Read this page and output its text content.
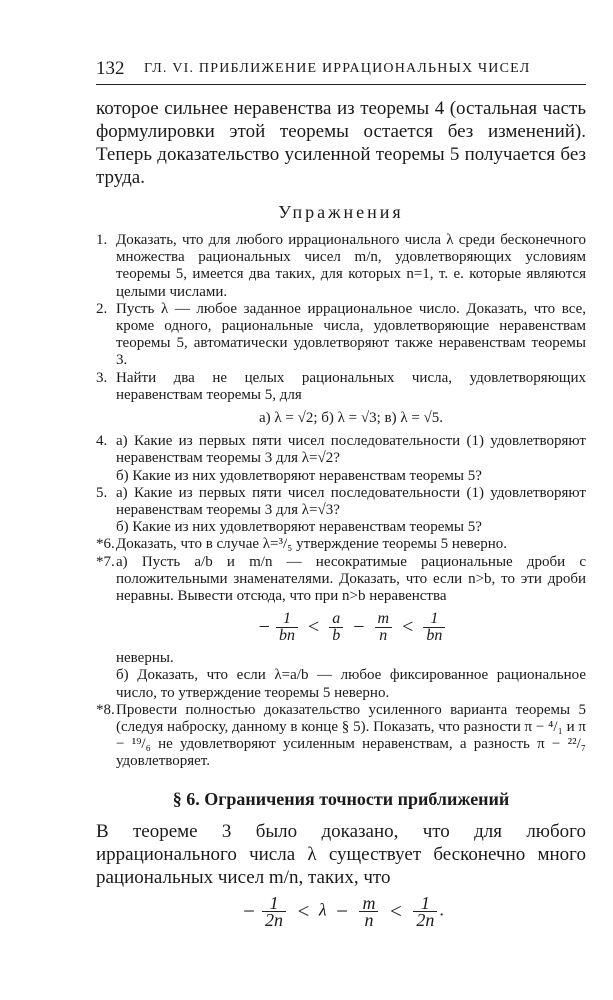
132 ГЛ. VI. ПРИБЛИЖЕНИЕ ИРРАЦИОНАЛЬНЫХ ЧИСЕЛ
которое сильнее неравенства из теоремы 4 (остальная часть формулировки этой теоремы остается без изменений). Теперь доказательство усиленной теоремы 5 получается без труда.
Упражнения
1. Доказать, что для любого иррационального числа λ среди бесконечного множества рациональных чисел m/n, удовлетворяющих условиям теоремы 5, имеется два таких, для которых n=1, т. е. которые являются целыми числами.
2. Пусть λ — любое заданное иррациональное число. Доказать, что все, кроме одного, рациональные числа, удовлетворяющие неравенствам теоремы 5, автоматически удовлетворяют также неравенствам теоремы 3.
3. Найти два не целых рациональных числа, удовлетворяющих неравенствам теоремы 5, для
а) λ = √2; б) λ = √3; в) λ = √5.
4. а) Какие из первых пяти чисел последовательности (1) удовлетворяют неравенствам теоремы 3 для λ=√2?
б) Какие из них удовлетворяют неравенствам теоремы 5?
5. а) Какие из первых пяти чисел последовательности (1) удовлетворяют неравенствам теоремы 3 для λ=√3?
б) Какие из них удовлетворяют неравенствам теоремы 5?
*6. Доказать, что в случае λ=³/₅ утверждение теоремы 5 неверно.
*7. а) Пусть a/b и m/n — несократимые рациональные дроби с положительными знаменателями. Доказать, что если n>b, то эти дроби неравны. Вывести отсюда, что при n>b неравенства
− $\frac{1}{bn} < \frac{a}{b} - \frac{m}{n} < \frac{1}{bn}$
неверны.
б) Доказать, что если λ=a/b — любое фиксированное рациональное число, то утверждение теоремы 5 неверно.
*8. Провести полностью доказательство усиленного варианта теоремы 5 (следуя наброску, данному в конце § 5). Показать, что разности π − ⁴/₁ и π − ¹⁹/₆ не удовлетворяют усиленным неравенствам, а разность π − ²²/₇ удовлетворяет.
§ 6. Ограничения точности приближений
В теореме 3 было доказано, что для любого иррационального числа λ существует бесконечно много рациональных чисел m/n, таких, что
− $\frac{1}{2n} < \lambda - \frac{m}{n} < \frac{1}{2n}$ .
